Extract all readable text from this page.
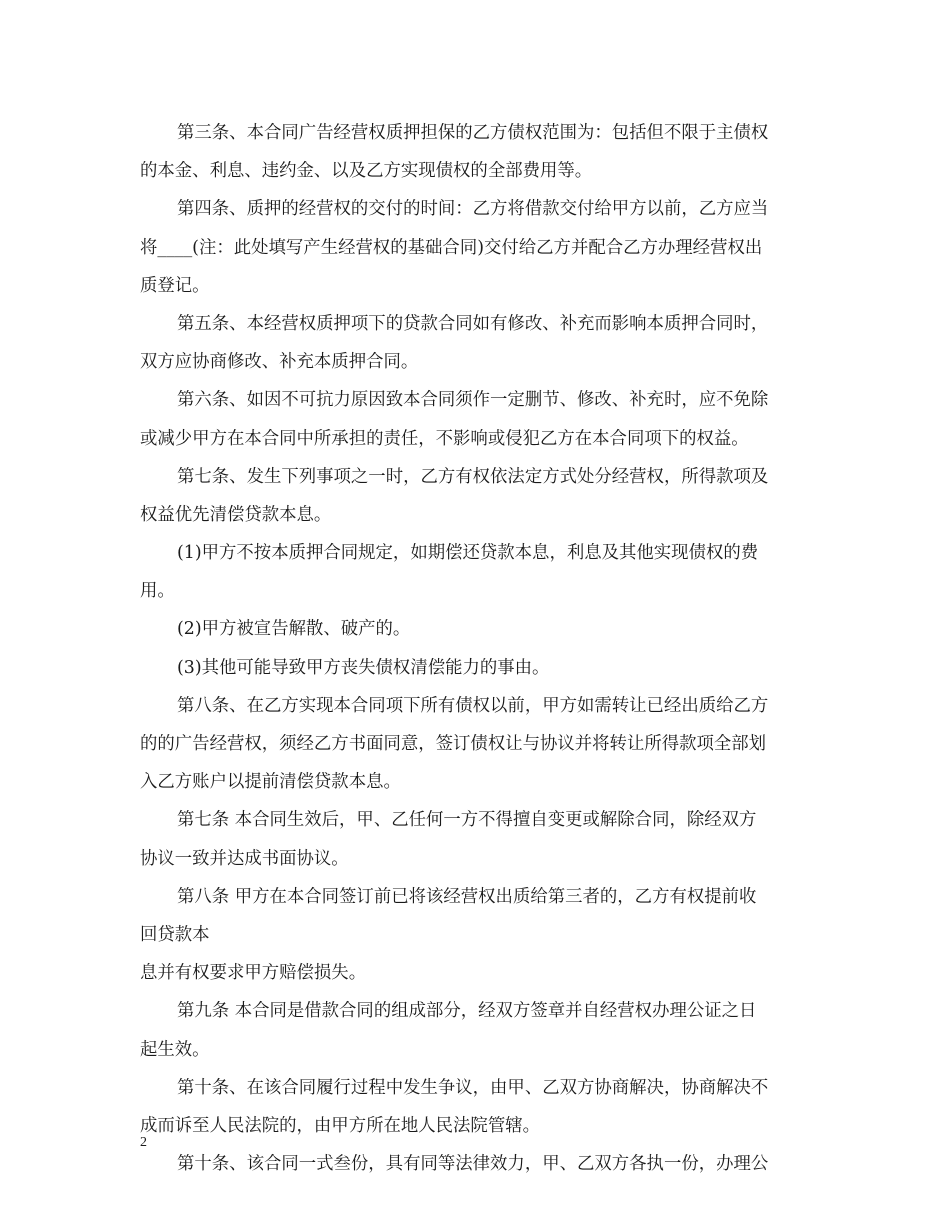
第三条、本合同广告经营权质押担保的乙方债权范围为：包括但不限于主债权
的本金、利息、违约金、以及乙方实现债权的全部费用等。
第四条、质押的经营权的交付的时间：乙方将借款交付给甲方以前，乙方应当
将____(注：此处填写产生经营权的基础合同)交付给乙方并配合乙方办理经营权出
质登记。
第五条、本经营权质押项下的贷款合同如有修改、补充而影响本质押合同时，
双方应协商修改、补充本质押合同。
第六条、如因不可抗力原因致本合同须作一定删节、修改、补充时，应不免除
或减少甲方在本合同中所承担的责任，不影响或侵犯乙方在本合同项下的权益。
第七条、发生下列事项之一时，乙方有权依法定方式处分经营权，所得款项及
权益优先清偿贷款本息。
(1)甲方不按本质押合同规定，如期偿还贷款本息，利息及其他实现债权的费
用。
(2)甲方被宣告解散、破产的。
(3)其他可能导致甲方丧失债权清偿能力的事由。
第八条、在乙方实现本合同项下所有债权以前，甲方如需转让已经出质给乙方
的的广告经营权，须经乙方书面同意，签订债权让与协议并将转让所得款项全部划
入乙方账户以提前清偿贷款本息。
第七条 本合同生效后，甲、乙任何一方不得擅自变更或解除合同，除经双方
协议一致并达成书面协议。
第八条 甲方在本合同签订前已将该经营权出质给第三者的，乙方有权提前收
回贷款本
息并有权要求甲方赔偿损失。
第九条 本合同是借款合同的组成部分，经双方签章并自经营权办理公证之日
起生效。
第十条、在该合同履行过程中发生争议，由甲、乙双方协商解决，协商解决不
成而诉至人民法院的，由甲方所在地人民法院管辖。
第十条、该合同一式叁份，具有同等法律效力，甲、乙双方各执一份，办理公
2
